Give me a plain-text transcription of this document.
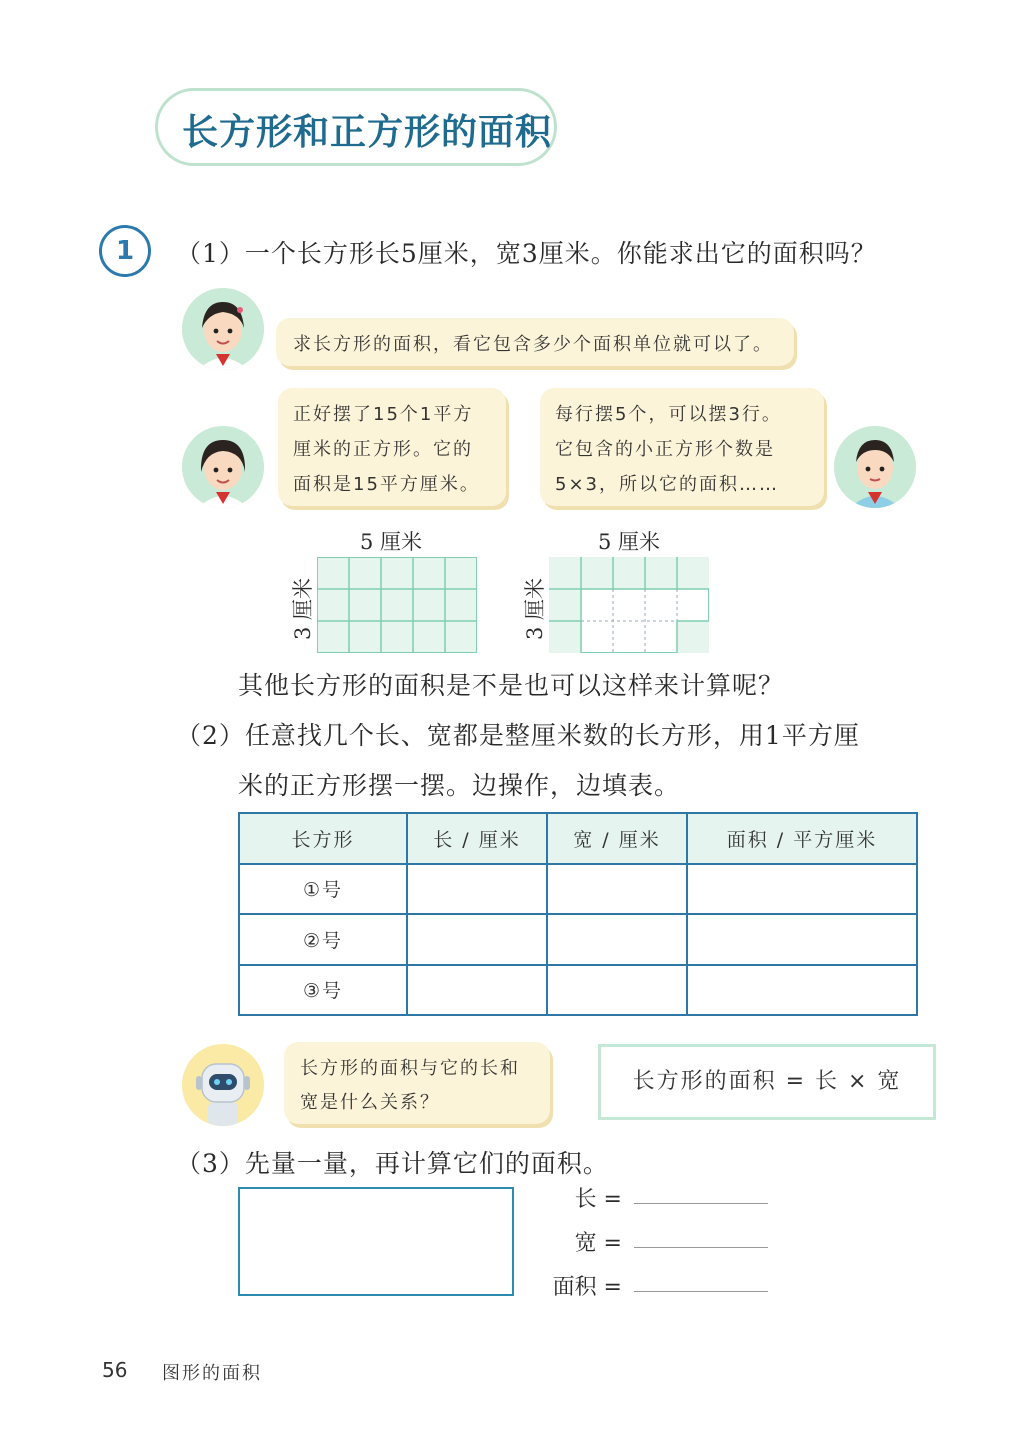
长方形和正方形的面积
1	（1）一个长方形长5厘米，宽3厘米。你能求出它的面积吗？
求长方形的面积，看它包含多少个面积单位就可以了。
正好摆了15个1平方
厘米的正方形。它的
面积是15平方厘米。
每行摆5个，可以摆3行。
它包含的小正方形个数是
5×3，所以它的面积……
5 厘米
3 厘米
5 厘米
3 厘米
其他长方形的面积是不是也可以这样来计算呢？
（2）任意找几个长、宽都是整厘米数的长方形，用1平方厘
米的正方形摆一摆。边操作，边填表。
长方形	长 / 厘米	宽 / 厘米	面积 / 平方厘米
①号			
②号			
③号			
长方形的面积与它的长和
宽是什么关系？
长方形的面积 = 长 × 宽
（3）先量一量，再计算它们的面积。
长 =
宽 =
面积 =
56 图形的面积
